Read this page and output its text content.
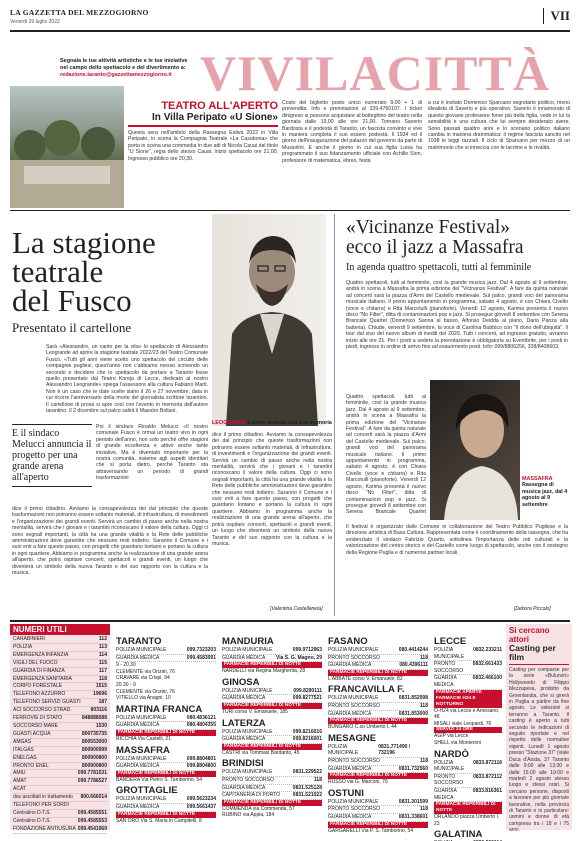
LA GAZZETTA DEL MEZZOGIORNO
Venerdì 29 luglio 2022	VII
Segnala le tue attività artistiche e le tue iniziative nel campo dello spettacolo e del divertimento a:
redazione.taranto@gazzettamezzogiorno.it VIVILACITTÀ
TEATRO ALL'APERTO
In Villa Peripato «U Sione»
Questa sera nell'ambito della Rassegna Estiva 2022 in Villa Peripato, in scena la Compagnia Teatrale «La Casabona» che porta in scena una commedia in due atti di Nicola Cauai dal titolo "U Sione", regia dello stesso Cauai. Inizio spettacolo ore 21,00. Ingresso pubblico ore 20,30.
Costo del biglietto posto unico numerato 9,00 + 1 di prevendita. Info e prenotazioni al 339.4760107. I ticket dinigreso si possono acquistare al botteghino del teatro nella giornata dalle 19,00 alle ore 21,00. Tornano Saverio Bardosta e il podestà di Taranto, un fascista convinto e vive in maniera completa il suo essere podestà. Il 1934 ed il giorno dell'inaugurazione del palazzo del governo da parte di Mussolini. E anche il giorno in cui sua figlia Luisa ha programmato il suo fidanzamento ufficiale con Achille Sion, professore di matematica, ebreo, festa
a cui è invitato Domenico Sparcano segretario politico, meno idealista di Saverio e più operativo. Saverio è innamorato di questo giovane professore forse più della figlia, vede in lui la sensibilità e una cultura che lui sempre desiderato avere. Sono passati quattro anni e lo scenario politico italiano cambia in maniera drammatica: il regime fascista sancito nel 1938 le leggi razziali. Il ciclo di Sparcano per mezzo di un matrimonio che si intreccia con le lacrime e le rivalità.
La stagione
teatrale
del Fusco
Presentato il cartellone
LEOGRANDE Lavoro teatrale alla sua memoria
Sarà «Alessandro, un canto per la vita» lo spettacolo di Alessandro Leogrande ad aprire la stagione teatrale 2022/23 del Teatro Comunale Fusco. «Tutti gli anni viene scelto uno spettacolo del circuito delle compagnie pugliesi, quest'anno non c'abbiamo messo scrivendo un secondo e decidere che lo spettacolo da portare a Taranto fosse quello presentato dal Teatro Koreja di Lecce, dedicato al nostro Alessandro Leogrande» spiega l'assessore alla cultura Fabiano Marti. Non è un caso che le date scelte siano il 26 e 27 novembre, data in cui ricorre l'anniversario della morte del giornalista scrittore tarantino. Il cartellone di prosa si apre così con l'evento in memoria dell'autore tarantino. Il 2 dicembre sul palco salirà il Maestro Bollani.
E il sindaco Melucci annuncia il progetto per una grande arena all'aperto
Poi il sindaco Rinaldo Melucci «Il nostro comunale Fusco è ormai un teatro vivo in ogni periodo dell'anno, non solo perché offre stagioni di grande eccellenza e attivo anche tante iniziative. Ma è diventato importante per la nostra comunità, insieme agli aspetti identitari che si porta dietro, perché Taranto sta attraversando un periodo di grandi trasformazioni
dice il primo cittadino. Avviamo la consapevolezza dei dal principio che queste trasformazioni non potranno essere soltanto materiali, di infrastruttura, di investimenti e l'organizzazione dei grandi eventi. Servirà un cambio di passo anche nella nostra mentalità, servirà che i giovani e i tarantini riconoscano il valore della cultura. Oggi ci sono segnali importanti, la città ha una grande vitalità e la Rete delle pubbliche amministrazioni deve garantire che nessuno resti indietro. Saranno il Comune e i suoi enti a fare questo passo, con progetti che guardano lontano e portano la cultura in ogni quartiere. Abbiamo in programma anche la realizzazione di una grande arena all'aperto, che potrà ospitare concerti, spettacoli e grandi eventi, un luogo che diventerà un simbolo della nuova Taranto e del suo rapporto con la cultura e la musica.
dice il primo cittadino. Avviamo la consapevolezza dei dal principio che queste trasformazioni non potranno essere soltanto materiali, di infrastruttura, di investimenti e l'organizzazione dei grandi eventi. Servirà un cambio di passo anche nella nostra mentalità, servirà che i giovani e i tarantini riconoscano il valore della cultura. Oggi ci sono segnali importanti, la città ha una grande vitalità e la Rete delle pubbliche amministrazioni deve garantire che nessuno resti indietro. Saranno il Comune e i suoi enti a fare questo passo, con progetti che guardano lontano e portano la cultura in ogni quartiere. Abbiamo in programma anche la realizzazione di una grande arena all'aperto, che potrà ospitare concerti, spettacoli e grandi eventi, un luogo che diventerà un simbolo della nuova Taranto e del suo rapporto con la cultura e la musica.
[Valentina Castellaneta]
«Vicinanze Festival»
ecco il jazz a Massafra
In agenda quattro spettacoli, tutti al femminile
Quattro spettacoli, tutti al femminile, così la grande musica jazz. Dal 4 agosto al 9 settembre, andrà in scena a Massafra la prima edizione del "Vicinanze Festival". A fare da quinta naturale ad concerti sarà la piazza d'Armi del Castello medievale. Sul palco, grandi voci del panorama musicale italiano. Il primo appuntamento in programma, sabato 4 agosto, è con Chiara Civello (voce e chitarra) e Rita Marcotulli (pianoforte). Venerdì 12 agosto, Karima presenta il nuovo disco "No Filter", ditta di contaminazioni pop e jazz. Si prosegue giovedì 8 settembre con Serena Brancale Quartet (Domenico Sanna al basso, Alfonso Deidda al piano, Dario Panza alla batteria). Chiude, venerdì 9 settembre, la voce di Carolina Bubbico con "Il dono dell'ubiquità". Il tour dal vivo del nuovo album di inediti del 2020. Tutti i concerti, ad ingresso gratuito, avranno inizio alle ore 21. Per i posti a sedere la prenotazione è obbligatoria su Eventbrite, per i posti in piedi, ingresso in ordine di arrivo fino ad esaurimento posti. Info: 099/8806256, 338/8408603.
Quattro spettacoli, tutti al femminile, così la grande musica jazz. Dal 4 agosto al 9 settembre, andrà in scena a Massafra la prima edizione del "Vicinanze Festival". A fare da quinta naturale ad concerti sarà la piazza d'Armi del Castello medievale. Sul palco, grandi voci del panorama musicale italiano. Il primo appuntamento in programma, sabato 4 agosto, è con Chiara Civello (voce e chitarra) e Rita Marcotulli (pianoforte). Venerdì 12 agosto, Karima presenta il nuovo disco "No Filter", ditta di contaminazioni pop e jazz. Si prosegue giovedì 8 settembre con Serena Brancale Quartet
MASSAFRA
Rassegna di musica jazz, dal 4 agosto al 9 settembre
Il festival è organizzato dalle Comune in collaborazione del Teatro Pubblico Pugliese e la direzione artistica di Basa Cultura. Rappresentata come il coordinamento della rassegna, che ha evidenziato il sindaco Fabrizio Quarto, sottolinea l'importanza delle reti culturali e la valorizzazione del centro storico e del Castello come luogo di spettacolo, anche con il sostegno della Regione Puglia e di numerosi partner locali.
[Debora Piccolo]
NUMERI UTILI
CARABINIERI	112
POLIZIA	113
EMERGENZA INFANZIA	114
VIGILI DEL FUOCO	115
GUARDIA DI FINANZA	117
EMERGENZA SANITARIA	118
CORPO FORESTALE	1515
TELEFONO AZZURRO	19696
TELEFONO SERVIZI GUASTI	187
ACI SOCCORSO STRAD.	803116
FERROVIE DI STATO	848888088
SOCCORSO MARE	1530
GUASTI ACQUA	800735735
AMGAS	800553000
ITALGAS	800900999
ENELGAS	800900800
PRONTO ENEL	800900800
AMIU	099.7781531
AMAT	099.7786527
ACAT
dos ascoltati in trattamento 800.666014
TELEFONO PER SORDI
Centralino D.T.S.	099.4585551
Centralino D.T.S.	099.4585553
FONDAZIONE ANTIUSURA 099.4541969
TARANTO
POLIZIA MUNICIPALE	099.7323203
GUARDIA MEDICA	099.4583091
9 - 20.30
CLEMENTE via Onzini, 76
CRAVARE via Crispi, 94
20.30 - 9
CLEMENTE via Onzini, 76
VITIELLO via Anagni, 10
MARTINA FRANCA
POLIZIA MUNICIPALE	080.4836121
GUARDIA MEDICA	080.4804355
FARMACIE REPERIBILI DI NOTTE
RICCHIA Via Castelli, 21
MASSAFRA
POLIZIA MUNICIPALE	099.8804801
GUARDIA MEDICA	099.8804800
FARMACIE REPERIBILI DI NOTTE
BANDERA Via Pietro S. Tamborino, 54
GROTTAGLIE
POLIZIA MUNICIPALE	099.5623234
GUARDIA MEDICA	099.5661437
FARMACIE REPERIBILI DI NOTTE
SAN ORO Via S. Maria in Campitelli, 8
MANDURIA
POLIZIA MUNICIPALE	099.9712963
GUARDIA MEDICA Via S. G. Magno, 29
FARMACIE REPERIBILI DI NOTTE
NARDELLI via Regina Margherita, 28
GINOSA
POLIZIA MUNICIPALE	099.8290111
GUARDIA MEDICA	099.8277521
FARMACIE REPERIBILI DI NOTTE
TURI corso V. Emanuele, 185
LATERZA
POLIZIA MUNICIPALE	099.8216016
GUARDIA MEDICA	099.8216001
FARMACIE REPERIBILI DI NOTTE
CASTRI via Tommasi Bardanto, 45
BRINDISI
POLIZIA MUNICIPALE	0831.229522
PRONTO SOCCORSO	118
GUARDIA MEDICA	0831.525128
CAPITANERIA DI PORTO	0831.521022
FARMACIE REPERIBILI DI NOTTE
COMMENDA via Commenda, 57
RUBINO via Appia, 184
FASANO
POLIZIA MUNICIPALE	080.4414244
PRONTO SOCCORSO	118
GUARDIA MEDICA	080.4396111
FARMACIE REPERIBILI DI NOTTE
L'ABBATE corso V. Emanuele, 82
FRANCAVILLA F.
POLIZIA MUNICIPALE	0831.852098
PRONTO SOCCORSO	118
GUARDIA MEDICA	0831.853000
FARMACIE REPERIBILI DI NOTTE
BUNGARO C.so Umberto I, 44
MESAGNE
POLIZIA MUNICIPALE
0831.771490 / 732196
PRONTO SOCCORSO	118
GUARDIA MEDICA	0831.732560
FARMACIE REPERIBILI DI NOTTE
RUSSO via G. Marconi, 76
OSTUNI
POLIZIA MUNICIPALE	0831.301599
PRONTO SOCCORSO	118
GUARDIA MEDICA	0831.338601
FARMACIE REPERIBILI DI NOTTE
GARGARELLI Via P. S. Tamborino, 54
LECCE
POLIZIA MUNICIPALE
0832.233211
PRONTO SOCCORSO
0832.661433
GUARDIA MEDICA
0832.466100
FARMACIE APERTE
FARMACIE H24 E NOTTURNO
O-H24 via Lecce e Arnesano, 48
MISALI viale Leopardi, 76
SERVIZI 24 ORE
AGIP via Lecce
SHELL via Monteroni
NARDÒ
POLIZIA MUNICIPALE
0833.872116
PRONTO SOCCORSO
0833.872112
GUARDIA MEDICA
0833.816361
FARMACIE REPERIBILI DI NOTTE
ORLANDO piazza Umberto I, 23
GALATINA
Si cercano attori
Casting per film
Casting per comparse per la serie «Bulunori» Hollywoodo di Filippo Mezzapesa, prodotto da Groenlandia, che si girerà in Puglia a partire da fine agosto. Le selezioni si terranno a Taranto. Il casting è aperto a tutti secondo le indicazioni di seguito riportate e nel rispetto delle normative vigenti. Lunedì 1 agosto presso "Stazione 37" (viale Duca d'Aosta, 37 Taranto dalle 9:00 alle 13:30 e dalle 15:00 alle 19:00 e martedì 2 agosto stesso luogo e stessi orari. Si cercano persone, disposti a lavorare per più giornate lavorative, nella provincia di Taranto e in particolare: uomini e donne di età compresa tra i 18 e i 75 anni.
